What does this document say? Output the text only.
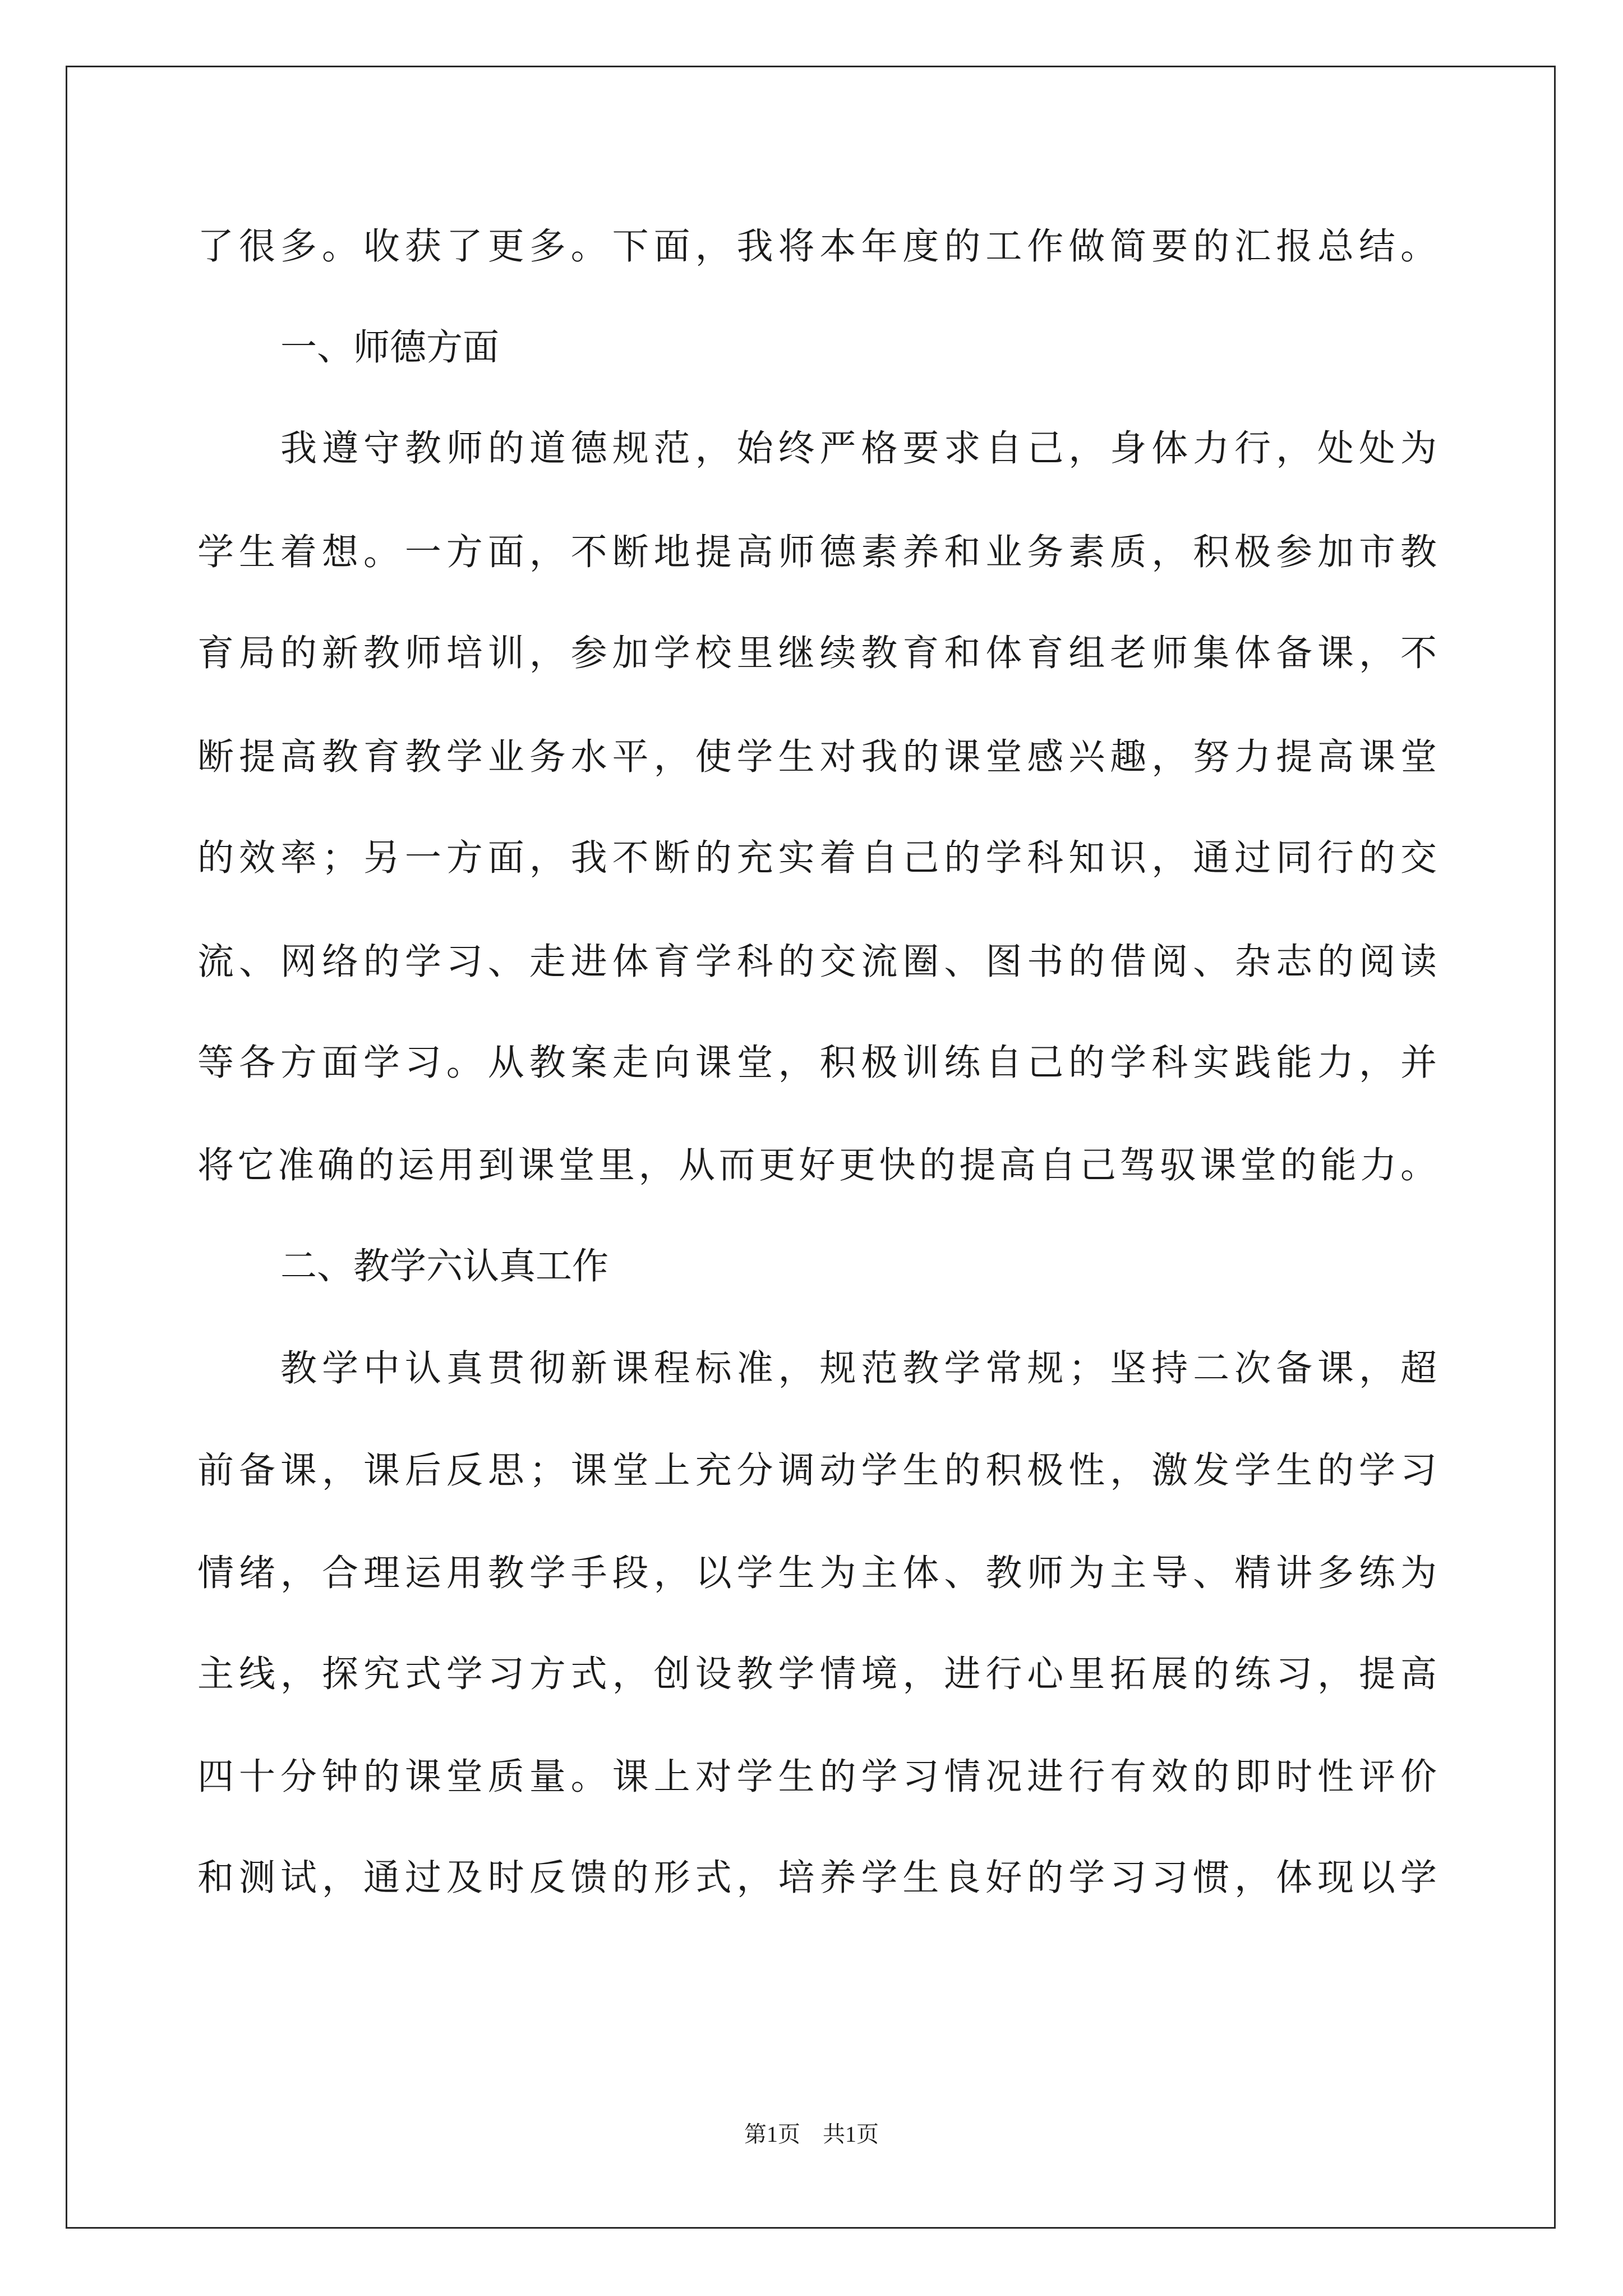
了很多。收获了更多。下面，我将本年度的工作做简要的汇报总结。
一、师德方面
我遵守教师的道德规范，始终严格要求自己，身体力行，处处为
学生着想。一方面，不断地提高师德素养和业务素质，积极参加市教
育局的新教师培训，参加学校里继续教育和体育组老师集体备课，不
断提高教育教学业务水平，使学生对我的课堂感兴趣，努力提高课堂
的效率；另一方面，我不断的充实着自己的学科知识，通过同行的交
流、网络的学习、走进体育学科的交流圈、图书的借阅、杂志的阅读
等各方面学习。从教案走向课堂，积极训练自己的学科实践能力，并
将它准确的运用到课堂里，从而更好更快的提高自己驾驭课堂的能力。
二、教学六认真工作
教学中认真贯彻新课程标准，规范教学常规；坚持二次备课，超
前备课，课后反思；课堂上充分调动学生的积极性，激发学生的学习
情绪，合理运用教学手段，以学生为主体、教师为主导、精讲多练为
主线，探究式学习方式，创设教学情境，进行心里拓展的练习，提高
四十分钟的课堂质量。课上对学生的学习情况进行有效的即时性评价
和测试，通过及时反馈的形式，培养学生良好的学习习惯，体现以学
第1页　共1页
